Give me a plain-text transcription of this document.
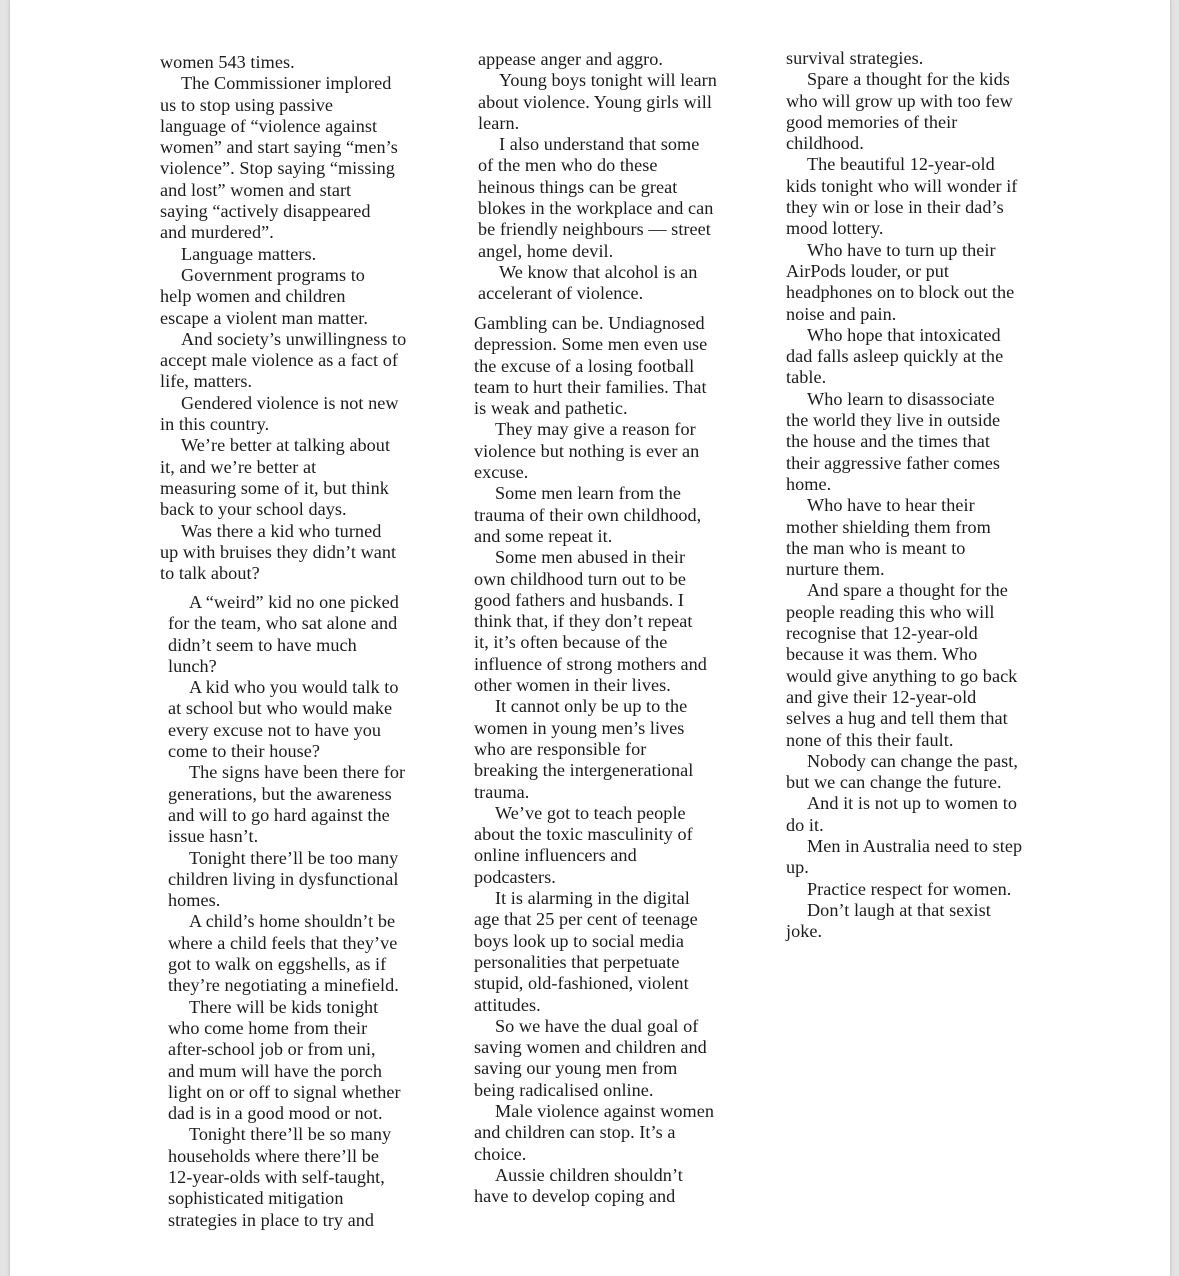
women 543 times.

The Commissioner implored
us to stop using passive
language of “violence against
women” and start saying “men’s
violence”. Stop saying “missing
and lost” women and start
saying “actively disappeared
and murdered”.

Language matters.

Government programs to
help women and children
escape a violent man matter.

And society’s unwillingness to
accept male violence as a fact of
life, matters.

Gendered violence is not new
in this country.

We’re better at talking about
it, and we’re better at
measuring some of it, but think
back to your school days.

Was there a kid who turned
up with bruises they didn’t want
to talk about?

A “weird” kid no one picked
for the team, who sat alone and
didn’t seem to have much
lunch?

A kid who you would talk to
at school but who would make
every excuse not to have you
come to their house?

The signs have been there for
generations, but the awareness
and will to go hard against the
issue hasn’t.

Tonight there’ll be too many
children living in dysfunctional
homes.

A child’s home shouldn’t be
where a child feels that they’ve
got to walk on eggshells, as if
they’re negotiating a minefield.

There will be kids tonight
who come home from their
after-school job or from uni,
and mum will have the porch
light on or off to signal whether
dad is in a good mood or not.

Tonight there’ll be so many
households where there’ll be
12-year-olds with self-taught,
sophisticated mitigation
strategies in place to try and

appease anger and aggro.

Young boys tonight will learn
about violence. Young girls will
learn.

I also understand that some
of the men who do these
heinous things can be great
blokes in the workplace and can
be friendly neighbours — street
angel, home devil.

We know that alcohol is an
accelerant of violence.

Gambling can be. Undiagnosed
depression. Some men even use
the excuse of a losing football
team to hurt their families. That
is weak and pathetic.

They may give a reason for
violence but nothing is ever an
excuse.

Some men learn from the
trauma of their own childhood,
and some repeat it.

Some men abused in their
own childhood turn out to be
good fathers and husbands. I
think that, if they don’t repeat
it, it’s often because of the
influence of strong mothers and
other women in their lives.

It cannot only be up to the
women in young men’s lives
who are responsible for
breaking the intergenerational
trauma.

We’ve got to teach people
about the toxic masculinity of
online influencers and
podcasters.

It is alarming in the digital
age that 25 per cent of teenage
boys look up to social media
personalities that perpetuate
stupid, old-fashioned, violent
attitudes.

So we have the dual goal of
saving women and children and
saving our young men from
being radicalised online.

Male violence against women
and children can stop. It’s a
choice.

Aussie children shouldn’t
have to develop coping and

survival strategies.

Spare a thought for the kids
who will grow up with too few
good memories of their
childhood.

The beautiful 12-year-old
kids tonight who will wonder if
they win or lose in their dad’s
mood lottery.

Who have to turn up their
AirPods louder, or put
headphones on to block out the
noise and pain.

Who hope that intoxicated
dad falls asleep quickly at the
table.

Who learn to disassociate
the world they live in outside
the house and the times that
their aggressive father comes
home.

Who have to hear their
mother shielding them from
the man who is meant to
nurture them.

And spare a thought for the
people reading this who will
recognise that 12-year-old
because it was them. Who
would give anything to go back
and give their 12-year-old
selves a hug and tell them that
none of this their fault.

Nobody can change the past,
but we can change the future.

And it is not up to women to
do it.

Men in Australia need to step
up.

Practice respect for women.

Don’t laugh at that sexist
joke.
